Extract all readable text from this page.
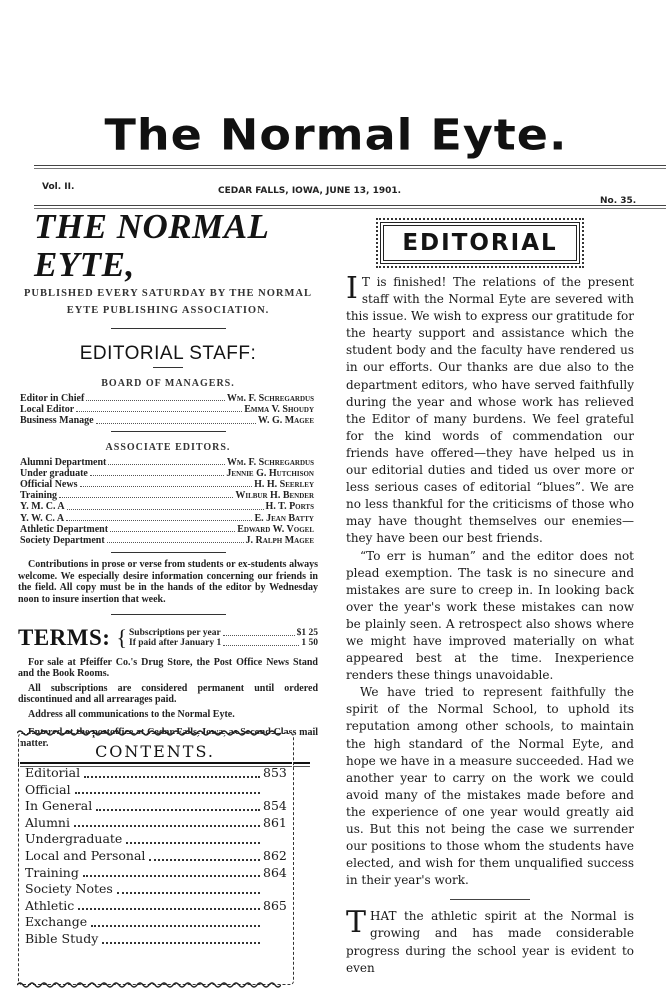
The Normal Eyte.
Vol. II.	CEDAR FALLS, IOWA, JUNE 13, 1901.
No. 35.
THE NORMAL EYTE,
PUBLISHED EVERY SATURDAY BY THE NORMAL
EYTE PUBLISHING ASSOCIATION.
EDITORIAL STAFF:
BOARD OF MANAGERS.
Editor in Chief	Wm. F. Schregardus
Local Editor	Emma V. Shoudy
Business Manage	W. G. Magee
ASSOCIATE EDITORS.
Alumni Department	Wm. F. Schregardus
Under graduate	Jennie G. Hutchison
Official News	H. H. Seerley
Training	Wilbur H. Bender
Y. M. C. A	H. T. Ports
Y. W. C. A	E. Jean Batty
Athletic Department	Edward W. Vogel
Society Department	J. Ralph Magee
Contributions in prose or verse from students or ex-students always welcome. We especially desire information concerning our friends in the field. All copy must be in the hands of the editor by Wednesday noon to insure insertion that week.
TERMS: { Subscriptions per year	$1 25
If paid after January 1	1 50
For sale at Pfeiffer Co.'s Drug Store, the Post Office News Stand and the Book Rooms.
All subscriptions are considered permanent until ordered discontinued and all arrearages paid.
Address all communications to the Normal Eyte.
Entered at the postoffice at Cedar Falls, Iowa, as Second Class mail matter.	CONTENTS.
Editorial	853
Official
In General	854
Alumni	861
Undergraduate
Local and Personal	862
Training	864
Society Notes
Athletic	865
Exchange
Bible Study
EDITORIAL

I T is finished! The relations of the present staff with the Normal Eyte are severed with this issue. We wish to express our gratitude for the hearty support and assistance which the student body and the faculty have rendered us in our efforts. Our thanks are due also to the department editors, who have served faithfully during the year and whose work has relieved the Editor of many burdens. We feel grateful for the kind words of commendation our friends have offered—they have helped us in our editorial duties and tided us over more or less serious cases of editorial “blues”. We are no less thankful for the criticisms of those who may have thought themselves our enemies—they have been our best friends.

“To err is human” and the editor does not plead exemption. The task is no sinecure and mistakes are sure to creep in. In looking back over the year's work these mistakes can now be plainly seen. A retrospect also shows where we might have improved materially on what appeared best at the time. Inexperience renders these things unavoidable.

We have tried to represent faithfully the spirit of the Normal School, to uphold its reputation among other schools, to maintain the high standard of the Normal Eyte, and hope we have in a measure succeeded. Had we another year to carry on the work we could avoid many of the mistakes made before and the experience of one year would greatly aid us. But this not being the case we surrender our positions to those whom the students have elected, and wish for them unqualified success in their year's work.

THAT the athletic spirit at the Normal is growing and has made considerable progress during the school year is evident to even
